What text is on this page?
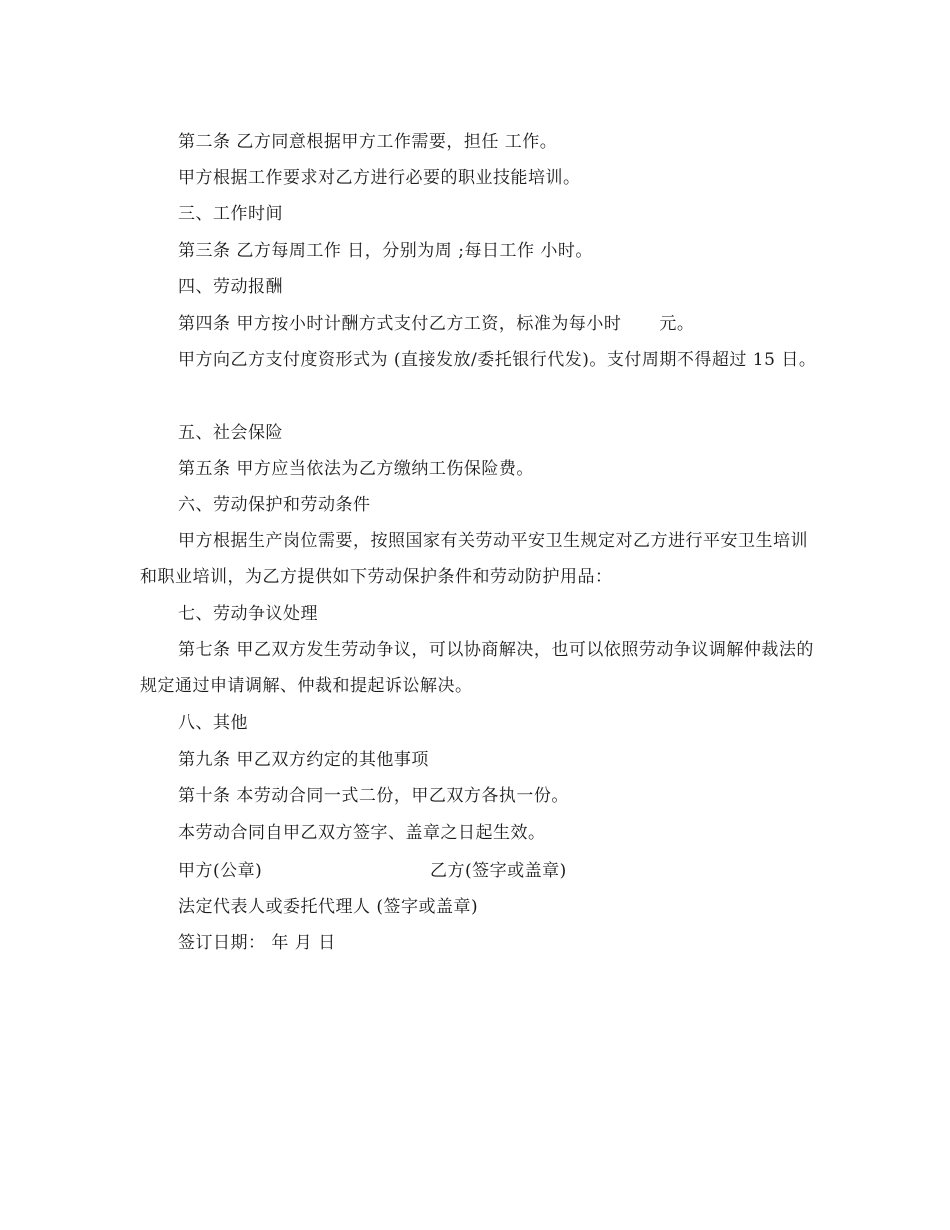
第二条 乙方同意根据甲方工作需要，担任 工作。

甲方根据工作要求对乙方进行必要的职业技能培训。

三、工作时间

第三条 乙方每周工作 日，分别为周 ;每日工作 小时。

四、劳动报酬

第四条 甲方按小时计酬方式支付乙方工资，标准为每小时 元。

甲方向乙方支付度资形式为 (直接发放/委托银行代发)。支付周期不得超过 15 日。

五、社会保险

第五条 甲方应当依法为乙方缴纳工伤保险费。

六、劳动保护和劳动条件

甲方根据生产岗位需要，按照国家有关劳动平安卫生规定对乙方进行平安卫生培训和职业培训，为乙方提供如下劳动保护条件和劳动防护用品：

七、劳动争议处理

第七条 甲乙双方发生劳动争议，可以协商解决，也可以依照劳动争议调解仲裁法的规定通过申请调解、仲裁和提起诉讼解决。

八、其他

第九条 甲乙双方约定的其他事项

第十条 本劳动合同一式二份，甲乙双方各执一份。

本劳动合同自甲乙双方签字、盖章之日起生效。

甲方(公章)	乙方(签字或盖章)

法定代表人或委托代理人 (签字或盖章)

签订日期： 年 月 日
